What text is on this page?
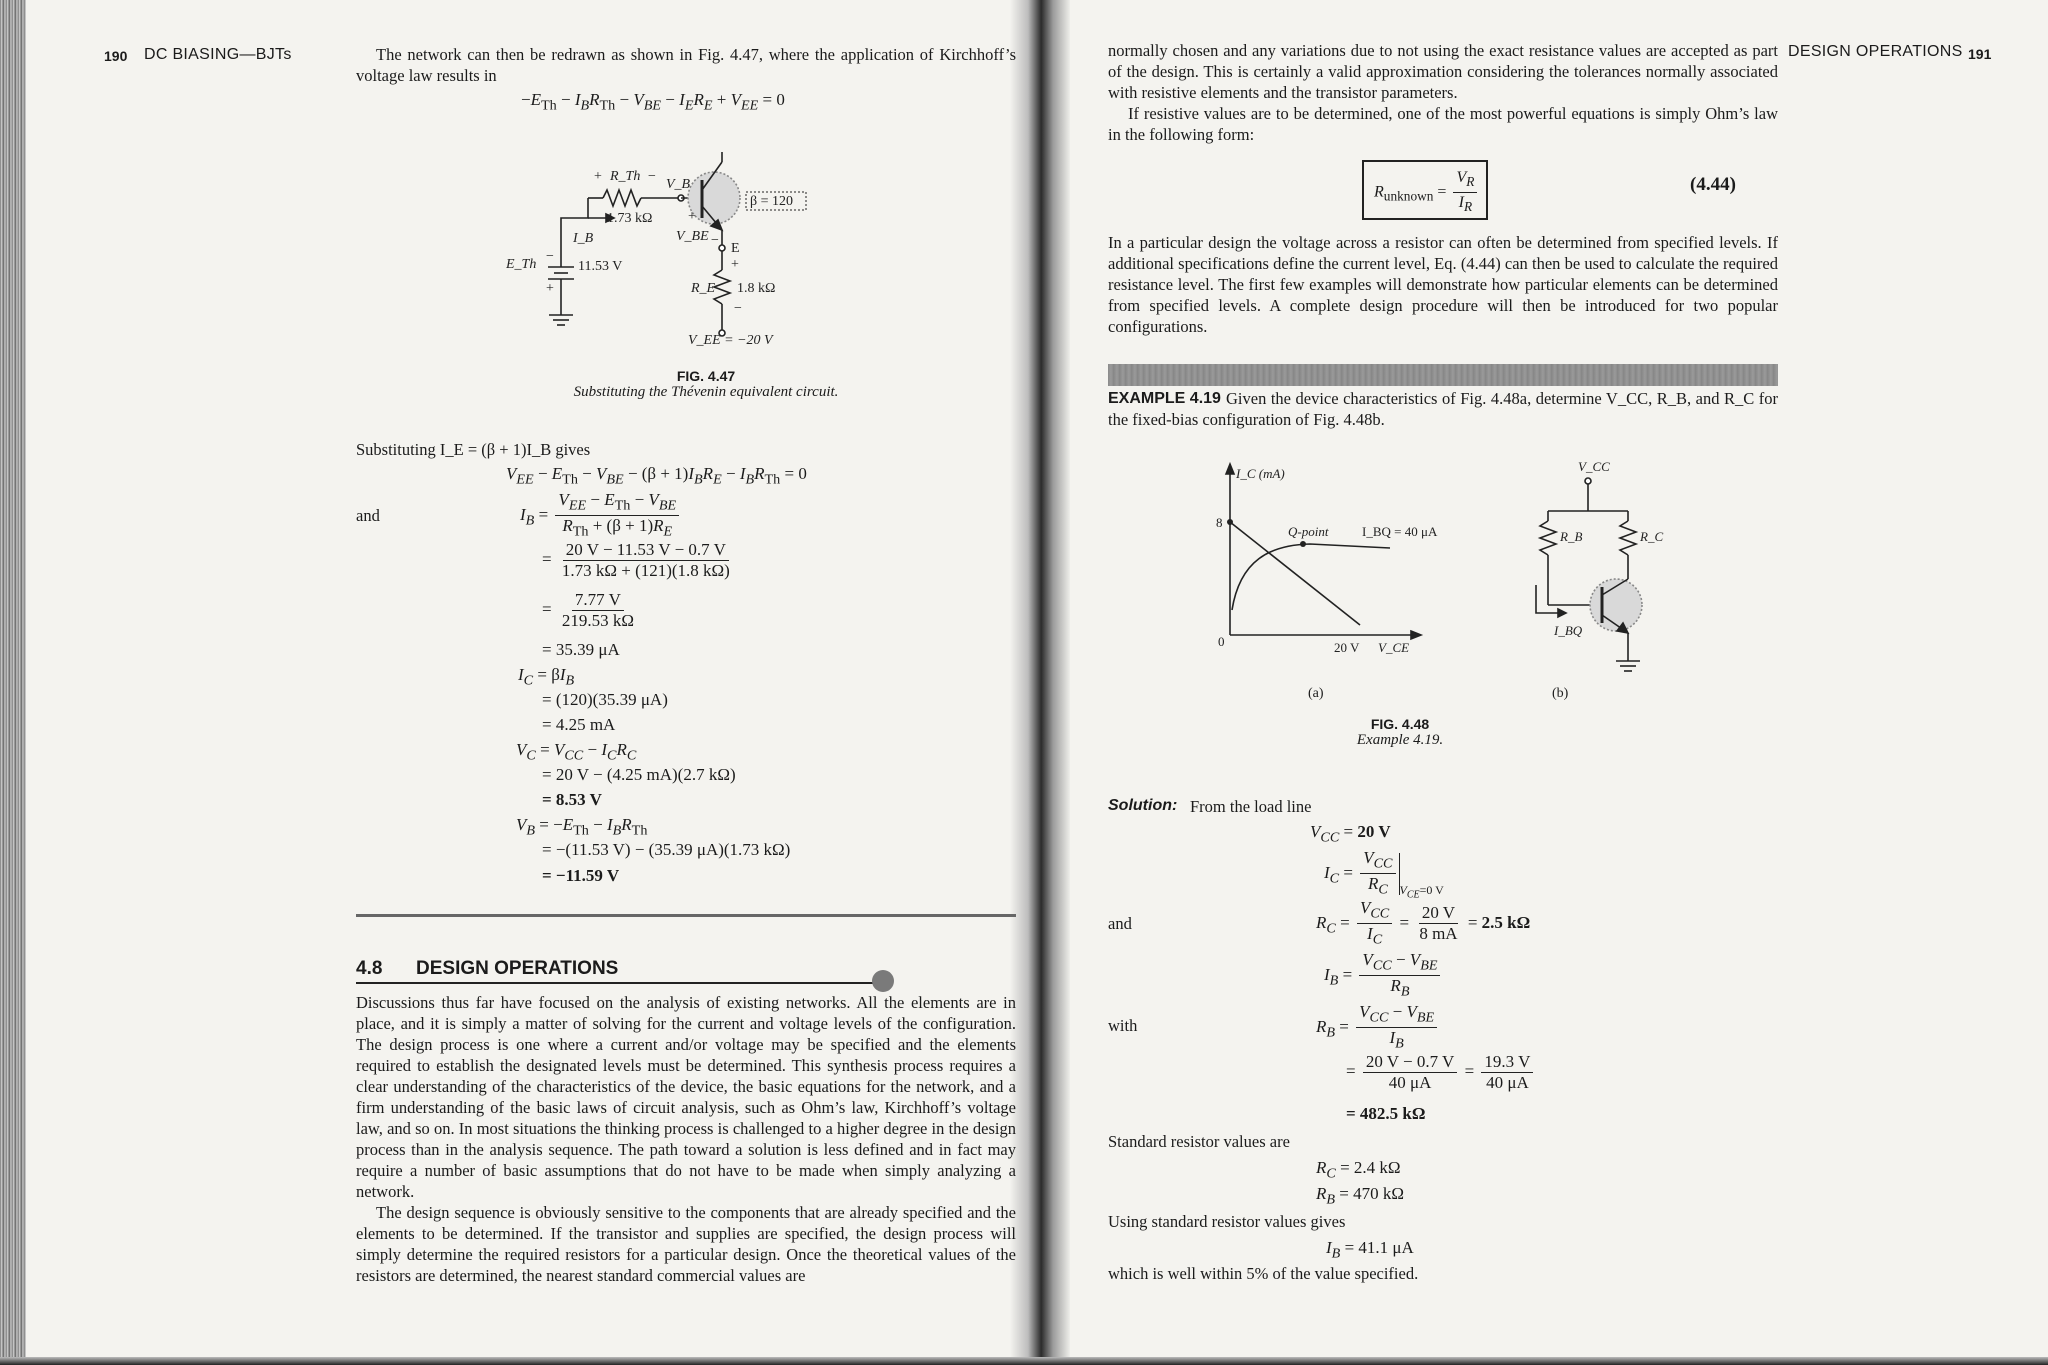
190 DC BIASING—BJTs	The network can then be redrawn as shown in Fig. 4.47, where the application of Kirchhoff’s voltage law results in

$-E_{Th} - I_BR_{Th} - V_{BE} - I_ER_E + V_{EE} = 0$
R_Th
+	−
1.73 kΩ
I_B
E_Th	11.53 V
−
+
V_B
+
V_BE −
β = 120
E
+
R_E 1.8 kΩ
−
V_EE = −20 V
FIG. 4.47
Substituting the Thévenin equivalent circuit.
Substituting I_E = (β + 1)I_B gives
and
$V_{EE} - E_{Th} - V_{BE} - (\beta + 1)I_BR_E - I_BR_{Th} = 0$
$I_B = \frac{V_{EE} - E_{Th} - V_{BE}}{R_{Th} + (\beta + 1)R_E}$
= $\frac{20 V - 11.53 V - 0.7 V}{1.73 k\Omega + (121)(1.8 k\Omega)}$
= $\frac{7.77 V}{219.53 k\Omega}$
= 35.39 μA
$I_C = \beta I_B$
= (120)(35.39 μA)
= 4.25 mA
$V_C = V_{CC} - I_CR_C$
= 20 V − (4.25 mA)(2.7 kΩ)
= 8.53 V
$V_B = -E_{Th} - I_BR_{Th}$
= −(11.53 V) − (35.39 μA)(1.73 kΩ)
= −11.59 V
4.8 DESIGN OPERATIONS

Discussions thus far have focused on the analysis of existing networks. All the elements are in place, and it is simply a matter of solving for the current and voltage levels of the configuration. The design process is one where a current and/or voltage may be specified and the elements required to establish the designated levels must be determined. This synthesis process requires a clear understanding of the characteristics of the device, the basic equations for the network, and a firm understanding of the basic laws of circuit analysis, such as Ohm’s law, Kirchhoff’s voltage law, and so on. In most situations the thinking process is challenged to a higher degree in the design process than in the analysis sequence. The path toward a solution is less defined and in fact may require a number of basic assumptions that do not have to be made when simply analyzing a network.

The design sequence is obviously sensitive to the components that are already specified and the elements to be determined. If the transistor and supplies are specified, the design process will simply determine the required resistors for a particular design. Once the theoretical values of the resistors are determined, the nearest standard commercial values are

DESIGN OPERATIONS 191

normally chosen and any variations due to not using the exact resistance values are accepted as part of the design. This is certainly a valid approximation considering the tolerances normally associated with resistive elements and the transistor parameters.

If resistive values are to be determined, one of the most powerful equations is simply Ohm’s law in the following form:

$R_{unknown} = \frac{V_R}{I_R}$	(4.44)

In a particular design the voltage across a resistor can often be determined from specified levels. If additional specifications define the current level, Eq. (4.44) can then be used to calculate the required resistance level. The first few examples will demonstrate how particular elements can be determined from specified levels. A complete design procedure will then be introduced for two popular configurations.

EXAMPLE 4.19 Given the device characteristics of Fig. 4.48a, determine V_CC, R_B, and R_C for the fixed-bias configuration of Fig. 4.48b.

I_C (mA)
8
0	20 V V_CE
Q-point	I_BQ = 40 μA
(a)
V_CC
R_B	R_C
I_BQ
(b)
FIG. 4.48
Example 4.19.
Solution: From the load line
$V_{CC} = 20$ V
$I_C = \frac{V_{CC}}{R_C} _{V_{CE}=0 V}$
and	$R_C = \frac{V_{CC}}{I_C} = \frac{20 V}{8 mA} = 2.5$ kΩ
$I_B = \frac{V_{CC} - V_{BE}}{R_B}$
with	$R_B = \frac{V_{CC} - V_{BE}}{I_B}$
= $\frac{20 V - 0.7 V}{40 \mu A} = \frac{19.3 V}{40 \mu A}$
= 482.5 kΩ
Standard resistor values are
$R_C = 2.4$ kΩ
$R_B = 470$ kΩ
Using standard resistor values gives
$I_B = 41.1$ μA
which is well within 5% of the value specified.
